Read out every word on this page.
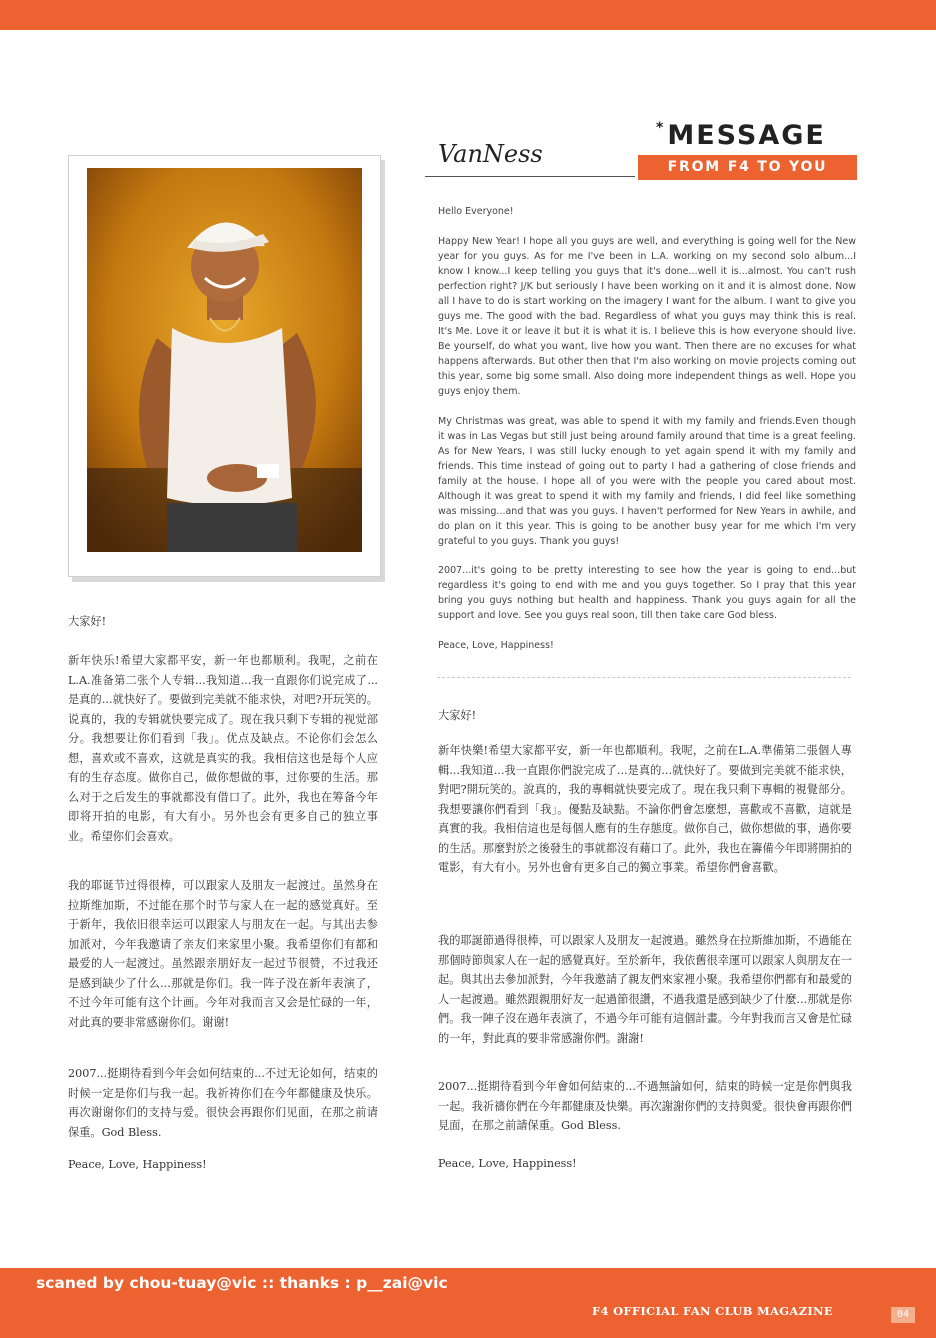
VanNess
*MESSAGE
FROM F4 TO YOU

Hello Everyone!

Happy New Year! I hope all you guys are well, and everything is going well for the New year for you guys. As for me I've been in L.A. working on my second solo album...I know I know...I keep telling you guys that it's done...well it is...almost. You can't rush perfection right? J/K but seriously I have been working on it and it is almost done. Now all I have to do is start working on the imagery I want for the album. I want to give you guys me. The good with the bad. Regardless of what you guys may think this is real. It's Me. Love it or leave it but it is what it is. I believe this is how everyone should live. Be yourself, do what you want, live how you want. Then there are no excuses for what happens afterwards. But other then that I'm also working on movie projects coming out this year, some big some small. Also doing more independent things as well. Hope you guys enjoy them.

My Christmas was great, was able to spend it with my family and friends.Even though it was in Las Vegas but still just being around family around that time is a great feeling. As for New Years, I was still lucky enough to yet again spend it with my family and friends. This time instead of going out to party I had a gathering of close friends and family at the house. I hope all of you were with the people you cared about most. Although it was great to spend it with my family and friends, I did feel like something was missing...and that was you guys. I haven't performed for New Years in awhile, and do plan on it this year. This is going to be another busy year for me which I'm very grateful to you guys. Thank you guys!

2007...it's going to be pretty interesting to see how the year is going to end...but regardless it's going to end with me and you guys together. So I pray that this year bring you guys nothing but health and happiness. Thank you guys again for all the support and love. See you guys real soon, till then take care God bless.

Peace, Love, Happiness!

大家好!

新年快乐!希望大家都平安，新一年也都顺利。我呢，之前在L.A.准备第二张个人专辑...我知道...我一直跟你们说完成了...是真的...就快好了。要做到完美就不能求快，对吧?开玩笑的。说真的，我的专辑就快要完成了。现在我只剩下专辑的视觉部分。我想要让你们看到「我」。优点及缺点。不论你们会怎么想，喜欢或不喜欢，这就是真实的我。我相信这也是每个人应有的生存态度。做你自己，做你想做的事，过你要的生活。那么对于之后发生的事就都没有借口了。此外，我也在筹备今年即将开拍的电影，有大有小。另外也会有更多自己的独立事业。希望你们会喜欢。

我的耶诞节过得很棒，可以跟家人及朋友一起渡过。虽然身在拉斯维加斯，不过能在那个时节与家人在一起的感觉真好。至于新年，我依旧很幸运可以跟家人与朋友在一起。与其出去参加派对，今年我邀请了亲友们来家里小聚。我希望你们有都和最爱的人一起渡过。虽然跟亲朋好友一起过节很赞，不过我还是感到缺少了什么...那就是你们。我一阵子没在新年表演了，不过今年可能有这个计画。今年对我而言又会是忙碌的一年，对此真的要非常感谢你们。谢谢!

2007...挺期待看到今年会如何结束的...不过无论如何，结束的时候一定是你们与我一起。我祈祷你们在今年都健康及快乐。再次谢谢你们的支持与爱。很快会再跟你们见面，在那之前请保重。God Bless.

Peace, Love, Happiness!

大家好!

新年快樂!希望大家都平安，新一年也都順利。我呢，之前在L.A.準備第二張個人專輯...我知道...我一直跟你們說完成了...是真的...就快好了。要做到完美就不能求快，對吧?開玩笑的。說真的，我的專輯就快要完成了。現在我只剩下專輯的視覺部分。我想要讓你們看到「我」。優點及缺點。不論你們會怎麼想，喜歡或不喜歡，這就是真實的我。我相信這也是每個人應有的生存態度。做你自己，做你想做的事，過你要的生活。那麼對於之後發生的事就都沒有藉口了。此外，我也在籌備今年即將開拍的電影，有大有小。另外也會有更多自己的獨立事業。希望你們會喜歡。

我的耶誕節過得很棒，可以跟家人及朋友一起渡過。雖然身在拉斯維加斯，不過能在那個時節與家人在一起的感覺真好。至於新年，我依舊很幸運可以跟家人與朋友在一起。與其出去參加派對，今年我邀請了親友們來家裡小聚。我希望你們都有和最愛的人一起渡過。雖然跟親朋好友一起過節很讚，不過我還是感到缺少了什麼...那就是你們。我一陣子沒在過年表演了，不過今年可能有這個計畫。今年對我而言又會是忙碌的一年，對此真的要非常感謝你們。謝謝!

2007...挺期待看到今年會如何結束的...不過無論如何，結束的時候一定是你們與我一起。我祈禱你們在今年都健康及快樂。再次謝謝你們的支持與愛。很快會再跟你們見面，在那之前請保重。God Bless.

Peace, Love, Happiness!

scaned by chou-tuay@vic :: thanks : p__zai@vic
F4 OFFICIAL FAN CLUB MAGAZINE	04
